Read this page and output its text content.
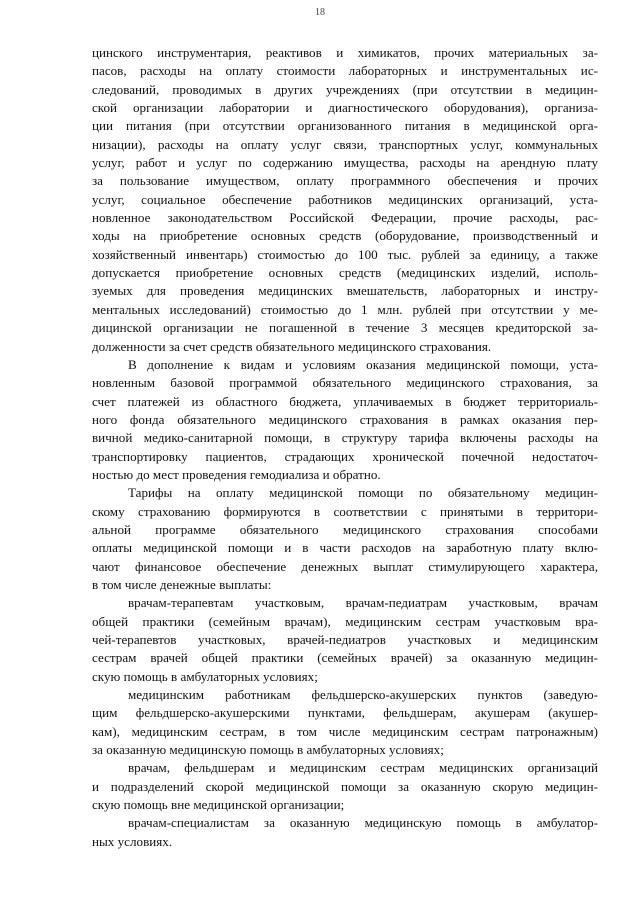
18
цинского инструментария, реактивов и химикатов, прочих материальных за-
пасов, расходы на оплату стоимости лабораторных и инструментальных ис-
следований, проводимых в других учреждениях (при отсутствии в медицин-
ской организации лаборатории и диагностического оборудования), организа-
ции питания (при отсутствии организованного питания в медицинской орга-
низации), расходы на оплату услуг связи, транспортных услуг, коммунальных
услуг, работ и услуг по содержанию имущества, расходы на арендную плату
за пользование имуществом, оплату программного обеспечения и прочих
услуг, социальное обеспечение работников медицинских организаций, уста-
новленное законодательством Российской Федерации, прочие расходы, рас-
ходы на приобретение основных средств (оборудование, производственный и
хозяйственный инвентарь) стоимостью до 100 тыс. рублей за единицу, а также
допускается приобретение основных средств (медицинских изделий, исполь-
зуемых для проведения медицинских вмешательств, лабораторных и инстру-
ментальных исследований) стоимостью до 1 млн. рублей при отсутствии у ме-
дицинской организации не погашенной в течение 3 месяцев кредиторской за-
долженности за счет средств обязательного медицинского страхования.
В дополнение к видам и условиям оказания медицинской помощи, уста-
новленным базовой программой обязательного медицинского страхования, за
счет платежей из областного бюджета, уплачиваемых в бюджет территориаль-
ного фонда обязательного медицинского страхования в рамках оказания пер-
вичной медико-санитарной помощи, в структуру тарифа включены расходы на
транспортировку пациентов, страдающих хронической почечной недостаточ-
ностью до мест проведения гемодиализа и обратно.
Тарифы на оплату медицинской помощи по обязательному медицин-
скому страхованию формируются в соответствии с принятыми в территори-
альной программе обязательного медицинского страхования способами
оплаты медицинской помощи и в части расходов на заработную плату вклю-
чают финансовое обеспечение денежных выплат стимулирующего характера,
в том числе денежные выплаты:
врачам-терапевтам участковым, врачам-педиатрам участковым, врачам
общей практики (семейным врачам), медицинским сестрам участковым вра-
чей-терапевтов участковых, врачей-педиатров участковых и медицинским
сестрам врачей общей практики (семейных врачей) за оказанную медицин-
скую помощь в амбулаторных условиях;
медицинским работникам фельдшерско-акушерских пунктов (заведую-
щим фельдшерско-акушерскими пунктами, фельдшерам, акушерам (акушер-
кам), медицинским сестрам, в том числе медицинским сестрам патронажным)
за оказанную медицинскую помощь в амбулаторных условиях;
врачам, фельдшерам и медицинским сестрам медицинских организаций
и подразделений скорой медицинской помощи за оказанную скорую медицин-
скую помощь вне медицинской организации;
врачам-специалистам за оказанную медицинскую помощь в амбулатор-
ных условиях.
